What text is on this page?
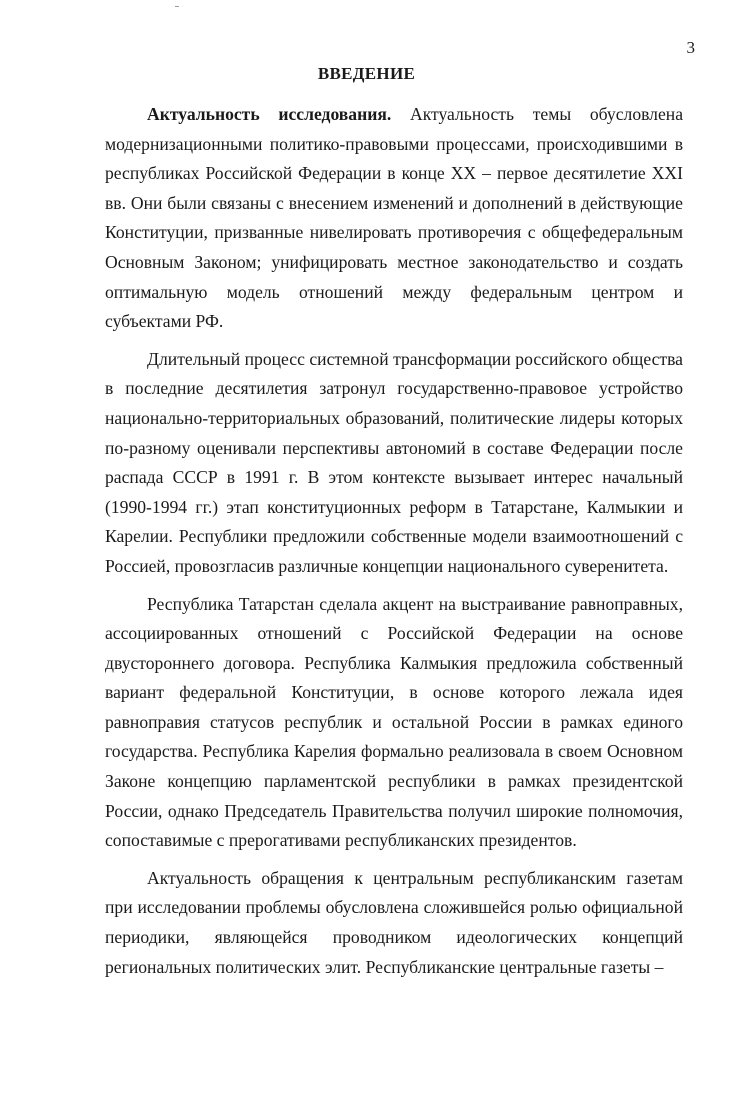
3
ВВЕДЕНИЕ

Актуальность исследования. Актуальность темы обусловлена модернизационными политико-правовыми процессами, происходившими в республиках Российской Федерации в конце XX – первое десятилетие XXI вв. Они были связаны с внесением изменений и дополнений в действующие Конституции, призванные нивелировать противоречия с общефедеральным Основным Законом; унифицировать местное законодательство и создать оптимальную модель отношений между федеральным центром и субъектами РФ.

Длительный процесс системной трансформации российского общества в последние десятилетия затронул государственно-правовое устройство национально-территориальных образований, политические лидеры которых по-разному оценивали перспективы автономий в составе Федерации после распада СССР в 1991 г. В этом контексте вызывает интерес начальный (1990-1994 гг.) этап конституционных реформ в Татарстане, Калмыкии и Карелии. Республики предложили собственные модели взаимоотношений с Россией, провозгласив различные концепции национального суверенитета.

Республика Татарстан сделала акцент на выстраивание равноправных, ассоциированных отношений с Российской Федерации на основе двустороннего договора. Республика Калмыкия предложила собственный вариант федеральной Конституции, в основе которого лежала идея равноправия статусов республик и остальной России в рамках единого государства. Республика Карелия формально реализовала в своем Основном Законе концепцию парламентской республики в рамках президентской России, однако Председатель Правительства получил широкие полномочия, сопоставимые с прерогативами республиканских президентов.

Актуальность обращения к центральным республиканским газетам при исследовании проблемы обусловлена сложившейся ролью официальной периодики, являющейся проводником идеологических концепций региональных политических элит. Республиканские центральные газеты –
